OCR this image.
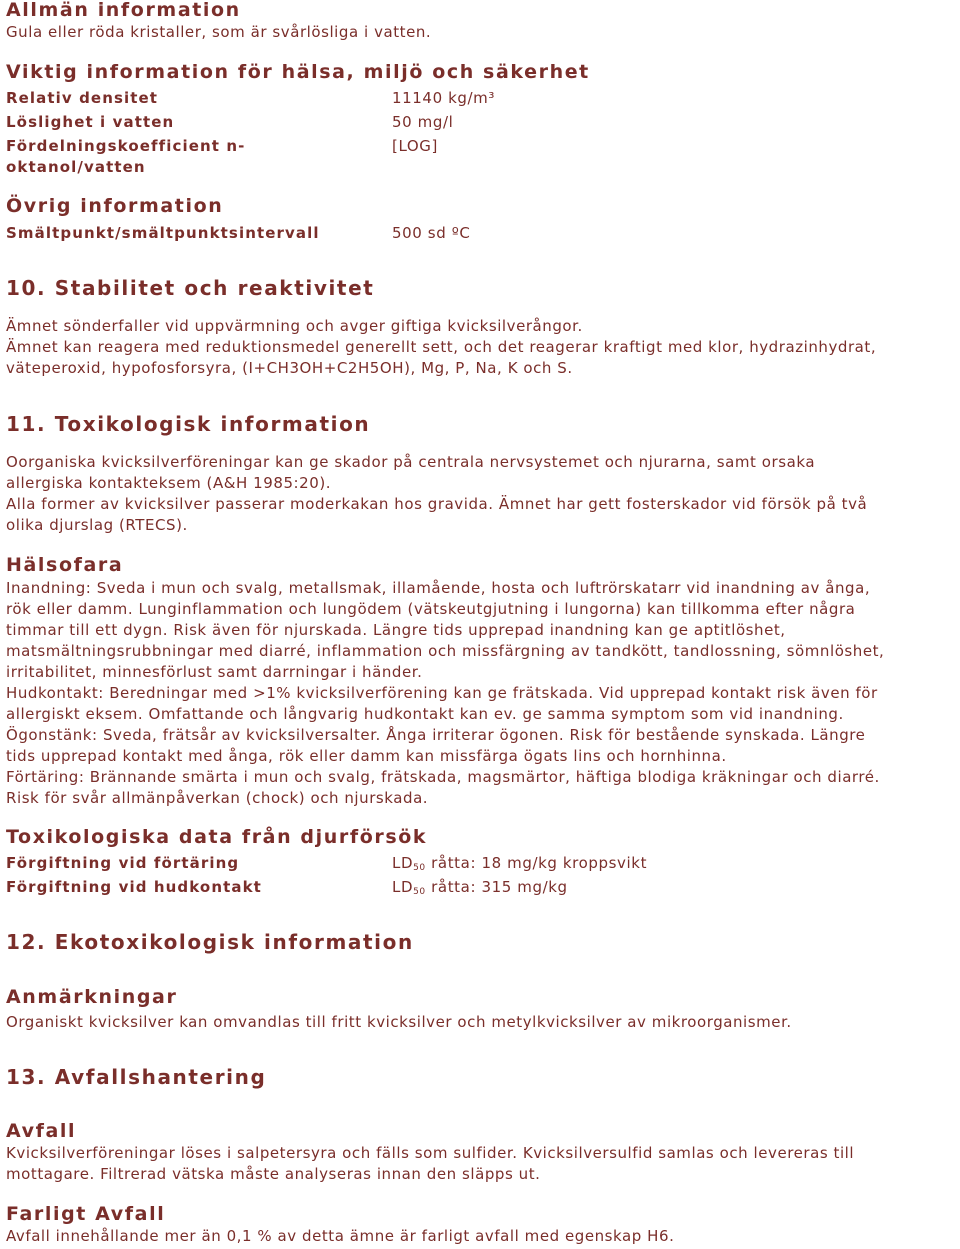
Allmän information
Gula eller röda kristaller, som är svårlösliga i vatten.
Viktig information för hälsa, miljö och säkerhet
Relativ densitet	11140 kg/m³
Löslighet i vatten	50 mg/l
Fördelningskoefficient n-
oktanol/vatten
[LOG]
Övrig information
Smältpunkt/smältpunktsintervall	500 sd ºC
10. Stabilitet och reaktivitet
Ämnet sönderfaller vid uppvärmning och avger giftiga kvicksilverångor.
Ämnet kan reagera med reduktionsmedel generellt sett, och det reagerar kraftigt med klor, hydrazinhydrat,
väteperoxid, hypofosforsyra, (I+CH3OH+C2H5OH), Mg, P, Na, K och S.
11. Toxikologisk information
Oorganiska kvicksilverföreningar kan ge skador på centrala nervsystemet och njurarna, samt orsaka
allergiska kontakteksem (A&H 1985:20).
Alla former av kvicksilver passerar moderkakan hos gravida. Ämnet har gett fosterskador vid försök på två
olika djurslag (RTECS).
Hälsofara

Inandning: Sveda i mun och svalg, metallsmak, illamående, hosta och luftrörskatarr vid inandning av ånga,

rök eller damm. Lunginflammation och lungödem (vätskeutgjutning i lungorna) kan tillkomma efter några

timmar till ett dygn. Risk även för njurskada. Längre tids upprepad inandning kan ge aptitlöshet,

matsmältningsrubbningar med diarré, inflammation och missfärgning av tandkött, tandlossning, sömnlöshet,

irritabilitet, minnesförlust samt darrningar i händer.

Hudkontakt: Beredningar med >1% kvicksilverförening kan ge frätskada. Vid upprepad kontakt risk även för

allergiskt eksem. Omfattande och långvarig hudkontakt kan ev. ge samma symptom som vid inandning.

Ögonstänk: Sveda, frätsår av kvicksilversalter. Ånga irriterar ögonen. Risk för bestående synskada. Längre

tids upprepad kontakt med ånga, rök eller damm kan missfärga ögats lins och hornhinna.

Förtäring: Brännande smärta i mun och svalg, frätskada, magsmärtor, häftiga blodiga kräkningar och diarré.

Risk för svår allmänpåverkan (chock) och njurskada.

Toxikologiska data från djurförsök
Förgiftning vid förtäring	$LD_{50}$ råtta: 18 mg/kg kroppsvikt
Förgiftning vid hudkontakt	$LD_{50}$ råtta: 315 mg/kg
12. Ekotoxikologisk information
Anmärkningar
Organiskt kvicksilver kan omvandlas till fritt kvicksilver och metylkvicksilver av mikroorganismer.
13. Avfallshantering
Avfall
Kvicksilverföreningar löses i salpetersyra och fälls som sulfider. Kvicksilversulfid samlas och levereras till
mottagare. Filtrerad vätska måste analyseras innan den släpps ut.
Farligt Avfall
Avfall innehållande mer än 0,1 % av detta ämne är farligt avfall med egenskap H6.
